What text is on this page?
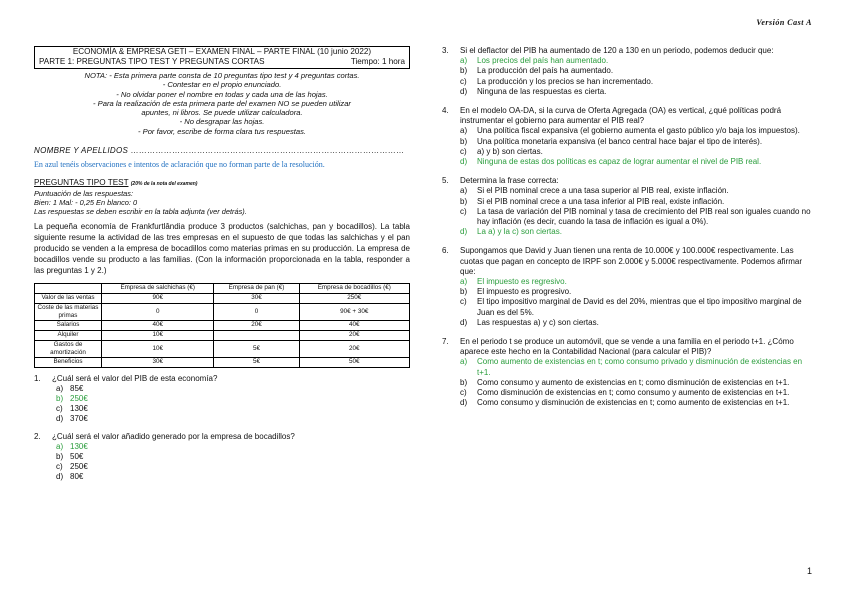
Versión Cast A
ECONOMÍA & EMPRESA GETI – EXAMEN FINAL – PARTE FINAL (10 junio 2022)
PARTE 1: PREGUNTAS TIPO TEST Y PREGUNTAS CORTAS	Tiempo: 1 hora
NOTA: - Esta primera parte consta de 10 preguntas tipo test y 4 preguntas cortas.
- Contestar en el propio enunciado.
- No olvidar poner el nombre en todas y cada una de las hojas.
- Para la realización de esta primera parte del examen NO se pueden utilizar
apuntes, ni libros. Se puede utilizar calculadora.
- No desgrapar las hojas.
- Por favor, escribe de forma clara tus respuestas.
NOMBRE Y APELLIDOS ………………………………………………………………………………………
En azul tenéis observaciones e intentos de aclaración que no forman parte de la resolución.
PREGUNTAS TIPO TEST (20% de la nota del examen)
Puntuación de las respuestas:
Bien: 1 Mal: - 0,25 En blanco: 0
Las respuestas se deben escribir en la tabla adjunta (ver detrás).
La pequeña economía de Frankfurtlândia produce 3 productos (salchichas, pan y bocadillos). La tabla siguiente resume la actividad de las tres empresas en el supuesto de que todas las salchichas y el pan producido se venden a la empresa de bocadillos como materias primas en su producción. La empresa de bocadillos vende su producto a las familias. (Con la información proporcionada en la tabla, responder a las preguntas 1 y 2.)
	Empresa de salchichas (€)	Empresa de pan (€)	Empresa de bocadillos (€)
Valor de las ventas	90€	30€	250€
Coste de las materias primas	0	0	90€ + 30€
Salarios	40€	20€	40€
Alquiler	10€		20€
Gastos de amortización	10€	5€	20€
Beneficios	30€	5€	50€
1.	¿Cuál será el valor del PIB de esta economía?
a) 85€
b) 250€
c) 130€
d) 370€
2.	¿Cuál será el valor añadido generado por la empresa de bocadillos?
a) 130€
b) 50€
c) 250€
d) 80€
3.	Si el deflactor del PIB ha aumentado de 120 a 130 en un periodo, podemos deducir que:
a)	Los precios del país han aumentado.
b)	La producción del país ha aumentado.
c)	La producción y los precios se han incrementado.
d)	Ninguna de las respuestas es cierta.
4.	En el modelo OA-DA, si la curva de Oferta Agregada (OA) es vertical, ¿qué políticas podrá instrumentar el gobierno para aumentar el PIB real?
a)	Una política fiscal expansiva (el gobierno aumenta el gasto público y/o baja los impuestos).
b)	Una política monetaria expansiva (el banco central hace bajar el tipo de interés).
c)	a) y b) son ciertas.
d)	Ninguna de estas dos políticas es capaz de lograr aumentar el nivel de PIB real.
5.	Determina la frase correcta:
a)	Si el PIB nominal crece a una tasa superior al PIB real, existe inflación.
b)	Si el PIB nominal crece a una tasa inferior al PIB real, existe inflación.
c)	La tasa de variación del PIB nominal y tasa de crecimiento del PIB real son iguales cuando no hay inflación (es decir, cuando la tasa de inflación es igual a 0%).
d)	La a) y la c) son ciertas.
6.	Supongamos que David y Juan tienen una renta de 10.000€ y 100.000€ respectivamente. Las cuotas que pagan en concepto de IRPF son 2.000€ y 5.000€ respectivamente. Podemos afirmar que:
a)	El impuesto es regresivo.
b)	El impuesto es progresivo.
c)	El tipo impositivo marginal de David es del 20%, mientras que el tipo impositivo marginal de Juan es del 5%.
d)	Las respuestas a) y c) son ciertas.
7.	En el periodo t se produce un automóvil, que se vende a una familia en el periodo t+1. ¿Cómo aparece este hecho en la Contabilidad Nacional (para calcular el PIB)?
a)	Como aumento de existencias en t; como consumo privado y disminución de existencias en t+1.
b)	Como consumo y aumento de existencias en t; como disminución de existencias en t+1.
c)	Como disminución de existencias en t; como consumo y aumento de existencias en t+1.
d)	Como consumo y disminución de existencias en t; como aumento de existencias en t+1.
1
